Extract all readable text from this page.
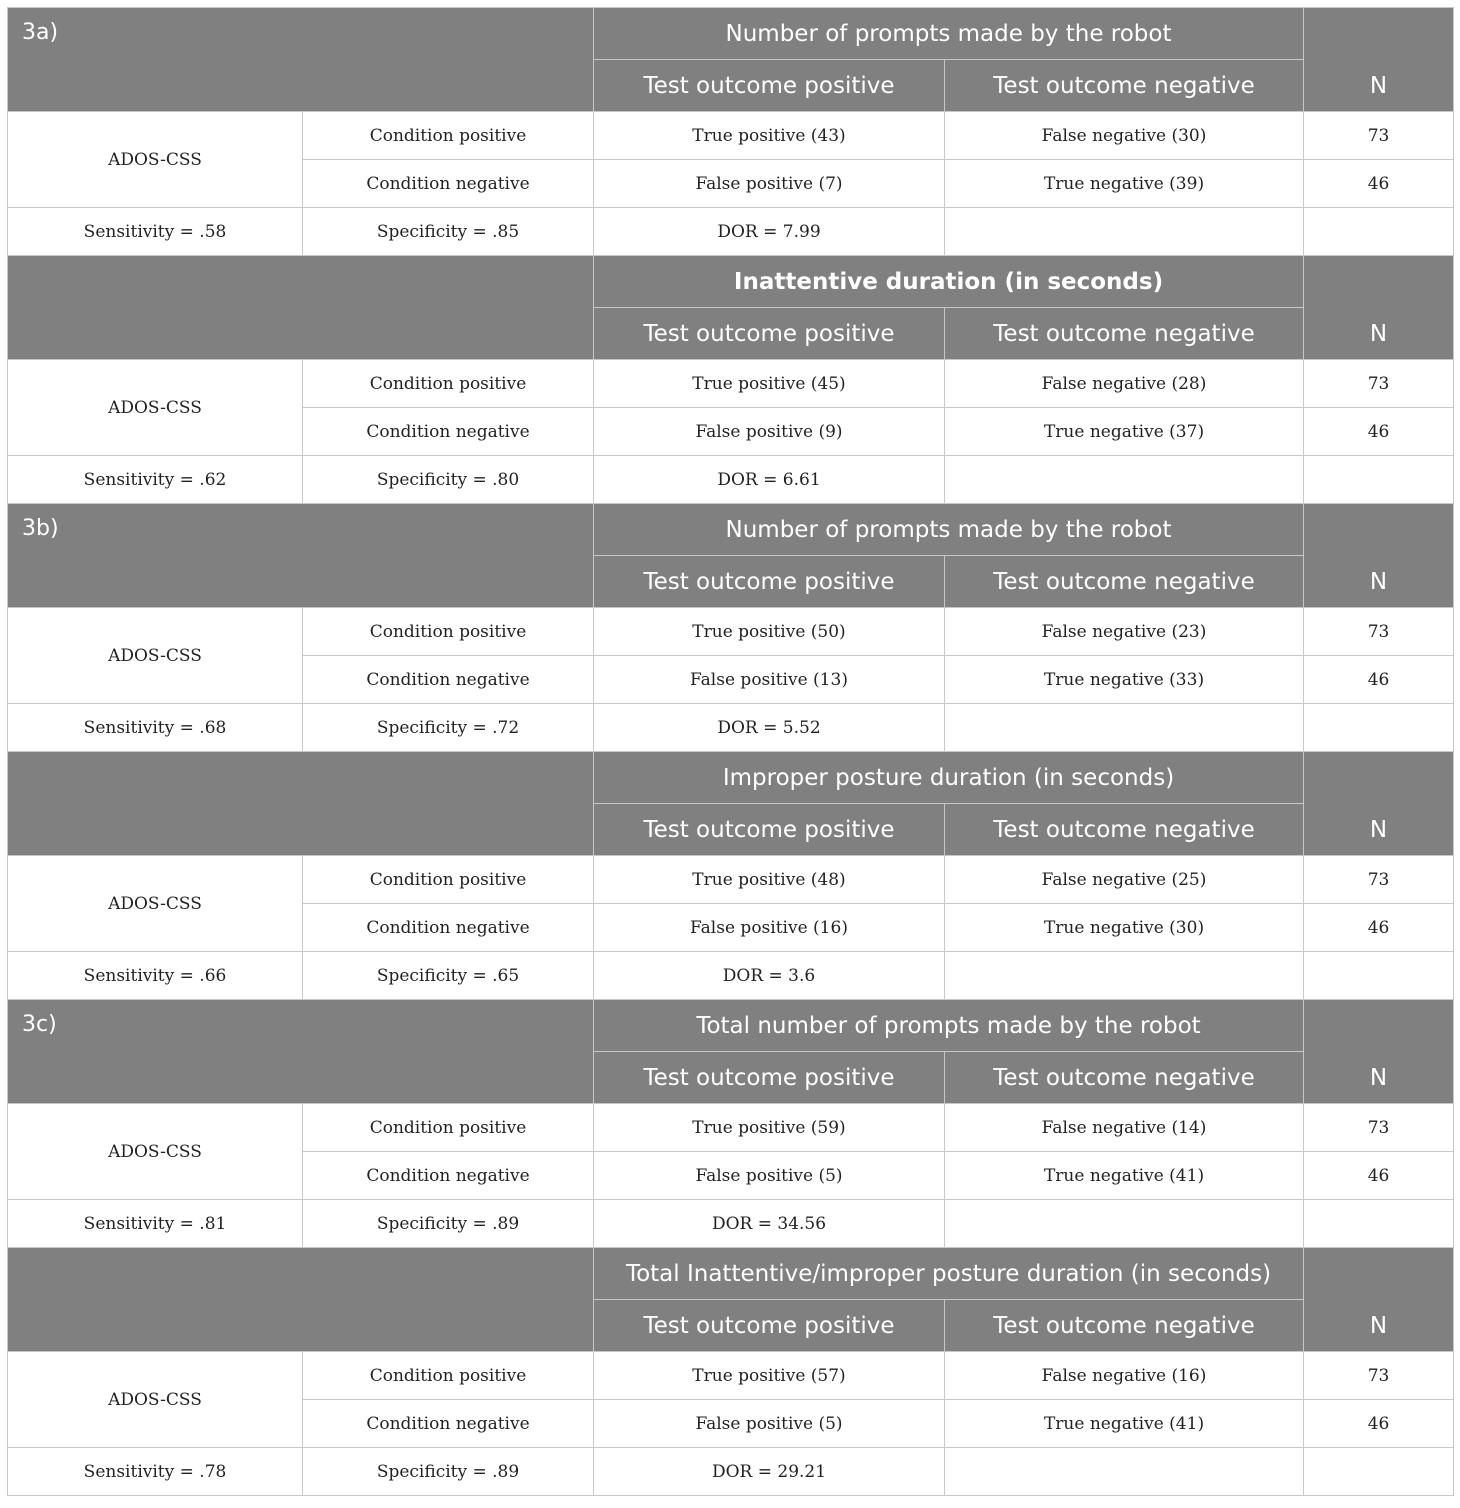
3a)		Number of prompts made by the robot		N
		Test outcome positive	Test outcome negative	
ADOS-CSS	Condition positive	True positive (43)	False negative (30)	73
	Condition negative	False positive (7)	True negative (39)	46
Sensitivity = .58	Specificity = .85	DOR = 7.99		
		Inattentive duration (in seconds)		N
		Test outcome positive	Test outcome negative	
ADOS-CSS	Condition positive	True positive (45)	False negative (28)	73
	Condition negative	False positive (9)	True negative (37)	46
Sensitivity = .62	Specificity = .80	DOR = 6.61		
3b)		Number of prompts made by the robot		N
		Test outcome positive	Test outcome negative	
ADOS-CSS	Condition positive	True positive (50)	False negative (23)	73
	Condition negative	False positive (13)	True negative (33)	46
Sensitivity = .68	Specificity = .72	DOR = 5.52		
		Improper posture duration (in seconds)		N
		Test outcome positive	Test outcome negative	
ADOS-CSS	Condition positive	True positive (48)	False negative (25)	73
	Condition negative	False positive (16)	True negative (30)	46
Sensitivity = .66	Specificity = .65	DOR = 3.6		
3c)		Total number of prompts made by the robot		N
		Test outcome positive	Test outcome negative	
ADOS-CSS	Condition positive	True positive (59)	False negative (14)	73
	Condition negative	False positive (5)	True negative (41)	46
Sensitivity = .81	Specificity = .89	DOR = 34.56		
		Total Inattentive/improper posture duration (in seconds)		N
		Test outcome positive	Test outcome negative	
ADOS-CSS	Condition positive	True positive (57)	False negative (16)	73
	Condition negative	False positive (5)	True negative (41)	46
Sensitivity = .78	Specificity = .89	DOR = 29.21		
